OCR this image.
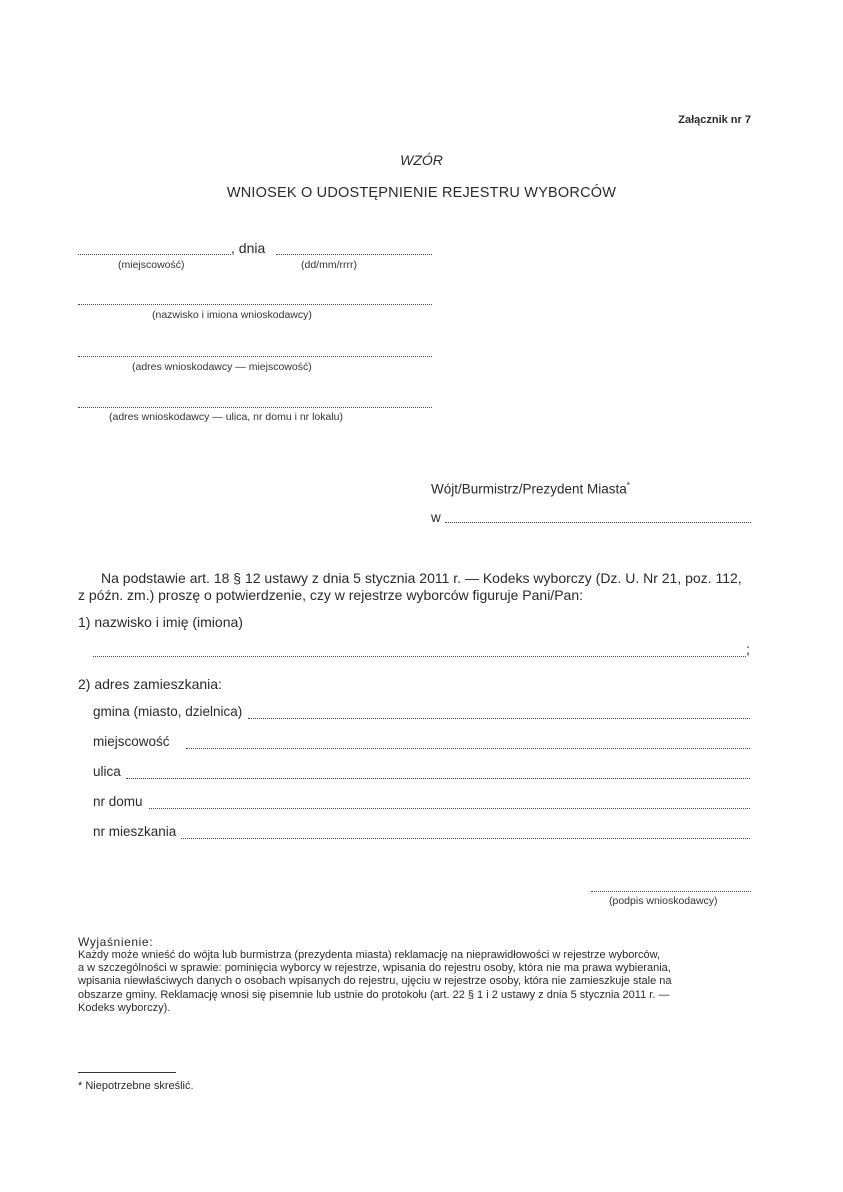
Załącznik nr 7
WZÓR
WNIOSEK O UDOSTĘPNIENIE REJESTRU WYBORCÓW
, dnia
(miejscowość)	(dd/mm/rrrr)
(nazwisko i imiona wnioskodawcy)
(adres wnioskodawcy — miejscowość)
(adres wnioskodawcy — ulica, nr domu i nr lokalu)
Wójt/Burmistrz/Prezydent Miasta*
w
Na podstawie art. 18 § 12 ustawy z dnia 5 stycznia 2011 r. — Kodeks wyborczy (Dz. U. Nr 21, poz. 112,
z późn. zm.) proszę o potwierdzenie, czy w rejestrze wyborców figuruje Pani/Pan:
1) nazwisko i imię (imiona)
;
2) adres zamieszkania:
gmina (miasto, dzielnica)
miejscowość
ulica
nr domu
nr mieszkania
(podpis wnioskodawcy)
Wyjaśnienie:
Każdy może wnieść do wójta lub burmistrza (prezydenta miasta) reklamację na nieprawidłowości w rejestrze wyborców,
a w szczególności w sprawie: pominięcia wyborcy w rejestrze, wpisania do rejestru osoby, która nie ma prawa wybierania,
wpisania niewłaściwych danych o osobach wpisanych do rejestru, ujęciu w rejestrze osoby, która nie zamieszkuje stale na
obszarze gminy. Reklamację wnosi się pisemnie lub ustnie do protokołu (art. 22 § 1 i 2 ustawy z dnia 5 stycznia 2011 r. —
Kodeks wyborczy).
* Niepotrzebne skreślić.
